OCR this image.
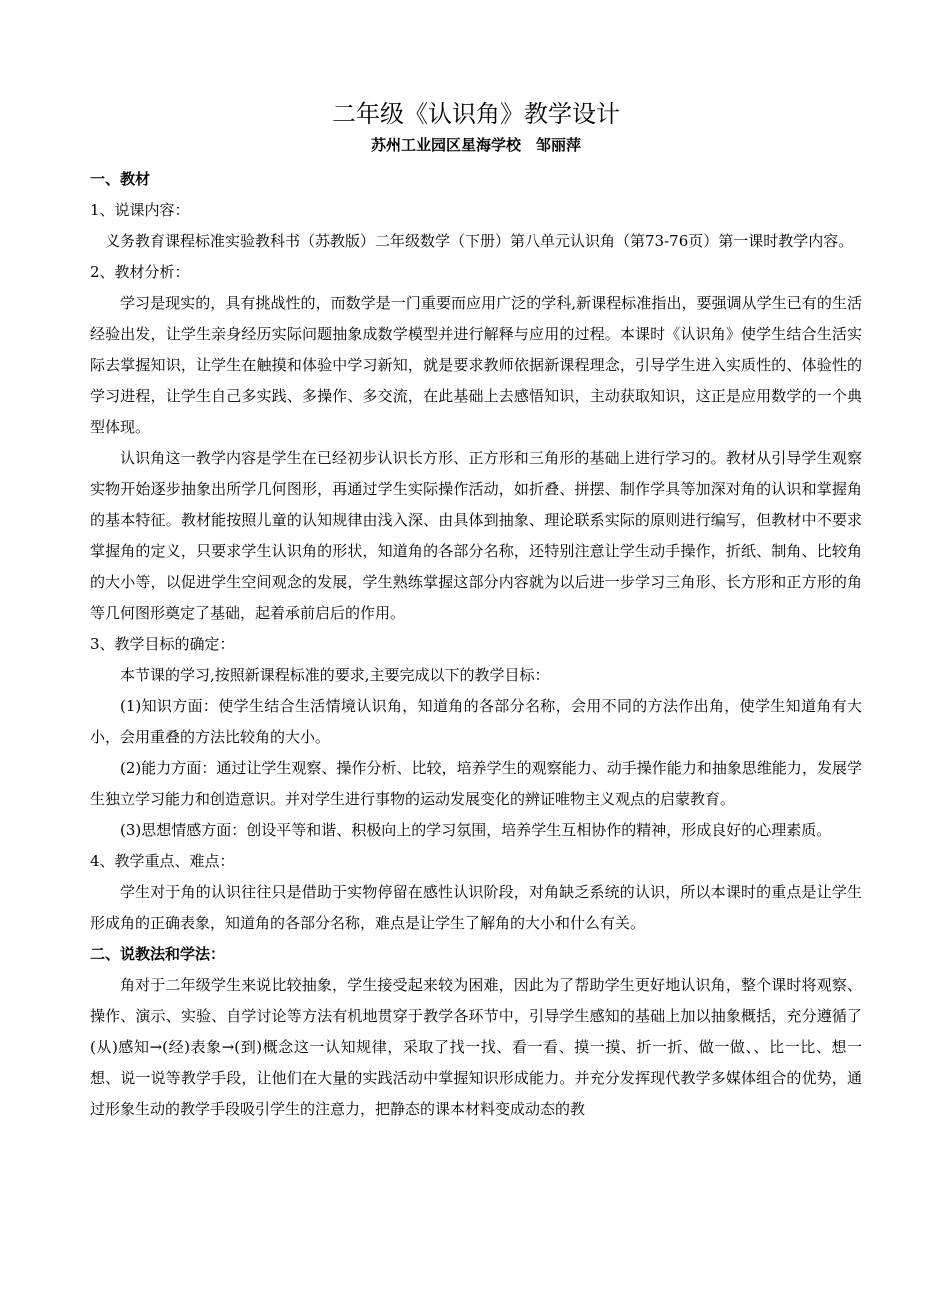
二年级《认识角》教学设计
苏州工业园区星海学校　邹丽萍
一、教材
1、说课内容：

义务教育课程标准实验教科书（苏教版）二年级数学（下册）第八单元认识角（第73-76页）第一课时教学内容。

2、教材分析：

学习是现实的，具有挑战性的，而数学是一门重要而应用广泛的学科,新课程标准指出，要强调从学生已有的生活经验出发，让学生亲身经历实际问题抽象成数学模型并进行解释与应用的过程。本课时《认识角》使学生结合生活实际去掌握知识，让学生在触摸和体验中学习新知，就是要求教师依据新课程理念，引导学生进入实质性的、体验性的学习进程，让学生自己多实践、多操作、多交流，在此基础上去感悟知识，主动获取知识，这正是应用数学的一个典型体现。

认识角这一教学内容是学生在已经初步认识长方形、正方形和三角形的基础上进行学习的。教材从引导学生观察实物开始逐步抽象出所学几何图形，再通过学生实际操作活动，如折叠、拼摆、制作学具等加深对角的认识和掌握角的基本特征。教材能按照儿童的认知规律由浅入深、由具体到抽象、理论联系实际的原则进行编写，但教材中不要求掌握角的定义，只要求学生认识角的形状，知道角的各部分名称，还特别注意让学生动手操作，折纸、制角、比较角的大小等，以促进学生空间观念的发展，学生熟练掌握这部分内容就为以后进一步学习三角形、长方形和正方形的角等几何图形奠定了基础，起着承前启后的作用。

3、教学目标的确定：

本节课的学习,按照新课程标准的要求,主要完成以下的教学目标：

(1)知识方面：使学生结合生活情境认识角，知道角的各部分名称，会用不同的方法作出角，使学生知道角有大小，会用重叠的方法比较角的大小。

(2)能力方面：通过让学生观察、操作分析、比较，培养学生的观察能力、动手操作能力和抽象思维能力，发展学生独立学习能力和创造意识。并对学生进行事物的运动发展变化的辨证唯物主义观点的启蒙教育。

(3)思想情感方面：创设平等和谐、积极向上的学习氛围，培养学生互相协作的精神，形成良好的心理素质。

4、教学重点、难点：

学生对于角的认识往往只是借助于实物停留在感性认识阶段，对角缺乏系统的认识，所以本课时的重点是让学生形成角的正确表象，知道角的各部分名称，难点是让学生了解角的大小和什么有关。

二、说教法和学法：

角对于二年级学生来说比较抽象，学生接受起来较为困难，因此为了帮助学生更好地认识角，整个课时将观察、操作、演示、实验、自学讨论等方法有机地贯穿于教学各环节中，引导学生感知的基础上加以抽象概括，充分遵循了(从)感知→(经)表象→(到)概念这一认知规律，采取了找一找、看一看、摸一摸、折一折、做一做、、比一比、想一想、说一说等教学手段，让他们在大量的实践活动中掌握知识形成能力。并充分发挥现代教学多媒体组合的优势，通过形象生动的教学手段吸引学生的注意力，把静态的课本材料变成动态的教
